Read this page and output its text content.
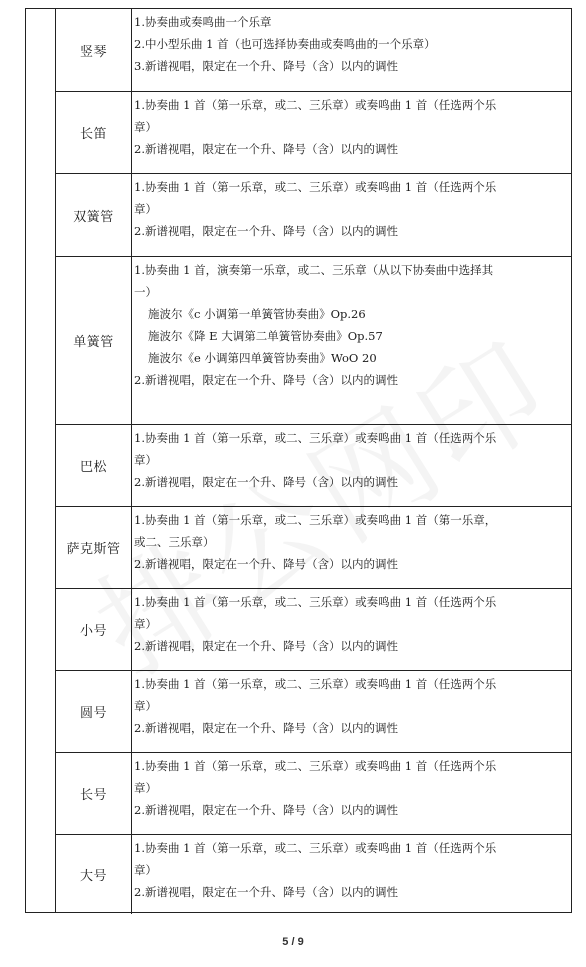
竖琴
1.协奏曲或奏鸣曲一个乐章
2.中小型乐曲 1 首（也可选择协奏曲或奏鸣曲的一个乐章）
3.新谱视唱，限定在一个升、降号（含）以内的调性
长笛
1.协奏曲 1 首（第一乐章，或二、三乐章）或奏鸣曲 1 首（任选两个乐
章）
2.新谱视唱，限定在一个升、降号（含）以内的调性
双簧管
1.协奏曲 1 首（第一乐章，或二、三乐章）或奏鸣曲 1 首（任选两个乐
章）
2.新谱视唱，限定在一个升、降号（含）以内的调性
单簧管
1.协奏曲 1 首，演奏第一乐章，或二、三乐章（从以下协奏曲中选择其
一）
施波尔《c 小调第一单簧管协奏曲》Op.26
施波尔《降 E 大调第二单簧管协奏曲》Op.57
施波尔《e 小调第四单簧管协奏曲》WoO 20
2.新谱视唱，限定在一个升、降号（含）以内的调性
巴松
1.协奏曲 1 首（第一乐章，或二、三乐章）或奏鸣曲 1 首（任选两个乐
章）
2.新谱视唱，限定在一个升、降号（含）以内的调性
萨克斯管
1.协奏曲 1 首（第一乐章，或二、三乐章）或奏鸣曲 1 首（第一乐章，
或二、三乐章）
2.新谱视唱，限定在一个升、降号（含）以内的调性
小号
1.协奏曲 1 首（第一乐章，或二、三乐章）或奏鸣曲 1 首（任选两个乐
章）
2.新谱视唱，限定在一个升、降号（含）以内的调性
圆号
1.协奏曲 1 首（第一乐章，或二、三乐章）或奏鸣曲 1 首（任选两个乐
章）
2.新谱视唱，限定在一个升、降号（含）以内的调性
长号
1.协奏曲 1 首（第一乐章，或二、三乐章）或奏鸣曲 1 首（任选两个乐
章）
2.新谱视唱，限定在一个升、降号（含）以内的调性
大号
1.协奏曲 1 首（第一乐章，或二、三乐章）或奏鸣曲 1 首（任选两个乐
章）
2.新谱视唱，限定在一个升、降号（含）以内的调性
5 / 9
